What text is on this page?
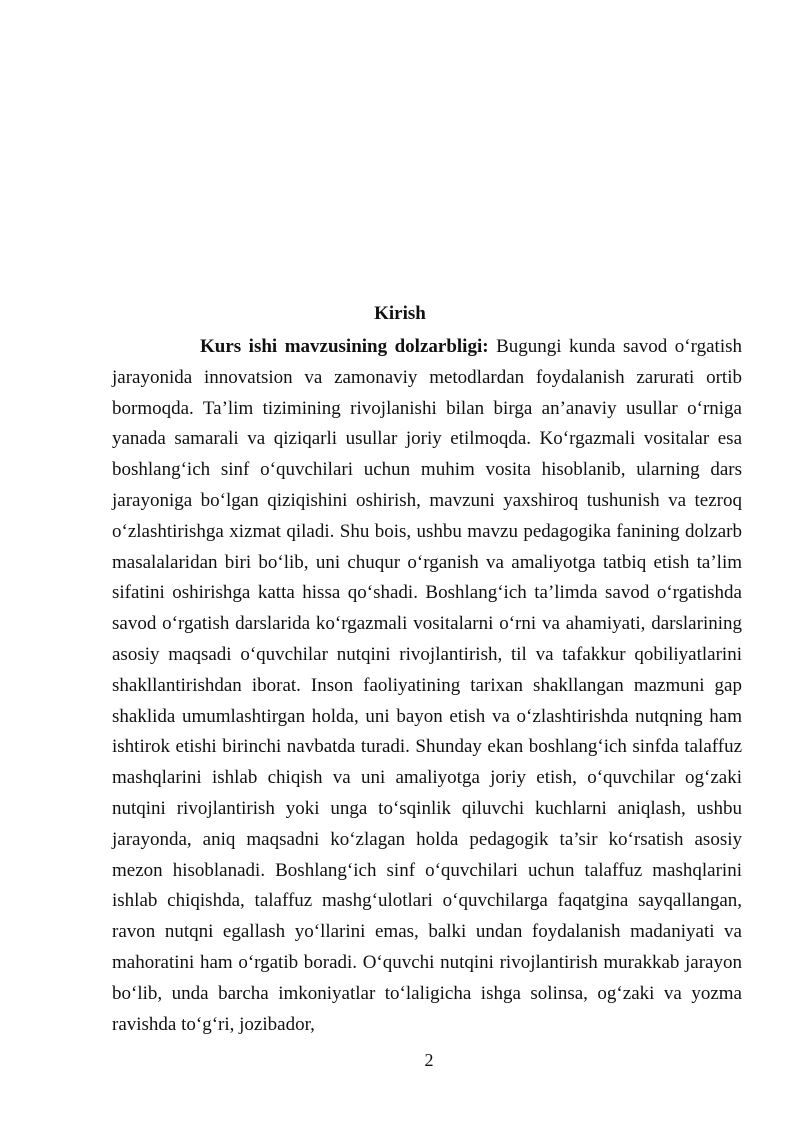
Kirish

Kurs ishi mavzusining dolzarbligi: Bugungi kunda savod o‘rgatish jarayonida innovatsion va zamonaviy metodlardan foydalanish zarurati ortib bormoqda. Ta’lim tizimining rivojlanishi bilan birga an’anaviy usullar o‘rniga yanada samarali va qiziqarli usullar joriy etilmoqda. Ko‘rgazmali vositalar esa boshlang‘ich sinf o‘quvchilari uchun muhim vosita hisoblanib, ularning dars jarayoniga bo‘lgan qiziqishini oshirish, mavzuni yaxshiroq tushunish va tezroq o‘zlashtirishga xizmat qiladi. Shu bois, ushbu mavzu pedagogika fanining dolzarb masalalaridan biri bo‘lib, uni chuqur o‘rganish va amaliyotga tatbiq etish ta’lim sifatini oshirishga katta hissa qo‘shadi. Boshlang‘ich ta’limda savod o‘rgatishda savod o‘rgatish darslarida ko‘rgazmali vositalarni o‘rni va ahamiyati, darslarining asosiy maqsadi o‘quvchilar nutqini rivojlantirish, til va tafakkur qobiliyatlarini shakllantirishdan iborat. Inson faoliyatining tarixan shakllangan mazmuni gap shaklida umumlashtirgan holda, uni bayon etish va o‘zlashtirishda nutqning ham ishtirok etishi birinchi navbatda turadi. Shunday ekan boshlang‘ich sinfda talaffuz mashqlarini ishlab chiqish va uni amaliyotga joriy etish, o‘quvchilar og‘zaki nutqini rivojlantirish yoki unga to‘sqinlik qiluvchi kuchlarni aniqlash, ushbu jarayonda, aniq maqsadni ko‘zlagan holda pedagogik ta’sir ko‘rsatish asosiy mezon hisoblanadi. Boshlang‘ich sinf o‘quvchilari uchun talaffuz mashqlarini ishlab chiqishda, talaffuz mashg‘ulotlari o‘quvchilarga faqatgina sayqallangan, ravon nutqni egallash yo‘llarini emas, balki undan foydalanish madaniyati va mahoratini ham o‘rgatib boradi. O‘quvchi nutqini rivojlantirish murakkab jarayon bo‘lib, unda barcha imkoniyatlar to‘laligicha ishga solinsa, og‘zaki va yozma ravishda to‘g‘ri, jozibador,

2
